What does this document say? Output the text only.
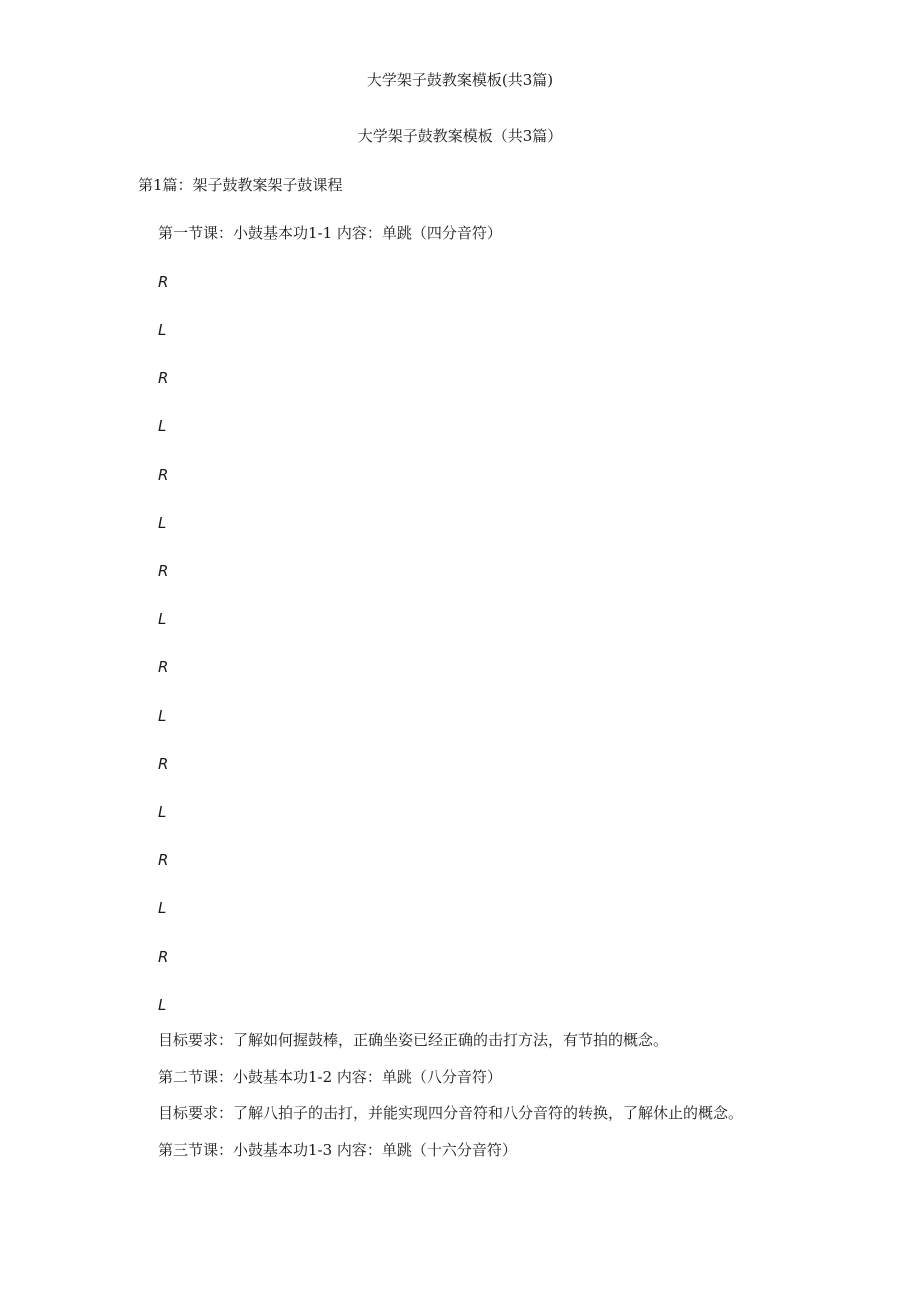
大学架子鼓教案模板(共3篇)
大学架子鼓教案模板（共3篇）
第1篇：架子鼓教案架子鼓课程
第一节课：小鼓基本功1-1 内容：单跳（四分音符）
R
L
R
L
R
L
R
L
R
L
R
L
R
L
R
L
目标要求：了解如何握鼓棒，正确坐姿已经正确的击打方法，有节拍的概念。
第二节课：小鼓基本功1-2 内容：单跳（八分音符）
目标要求：了解八拍子的击打，并能实现四分音符和八分音符的转换，了解休止的概念。
第三节课：小鼓基本功1-3 内容：单跳（十六分音符）
